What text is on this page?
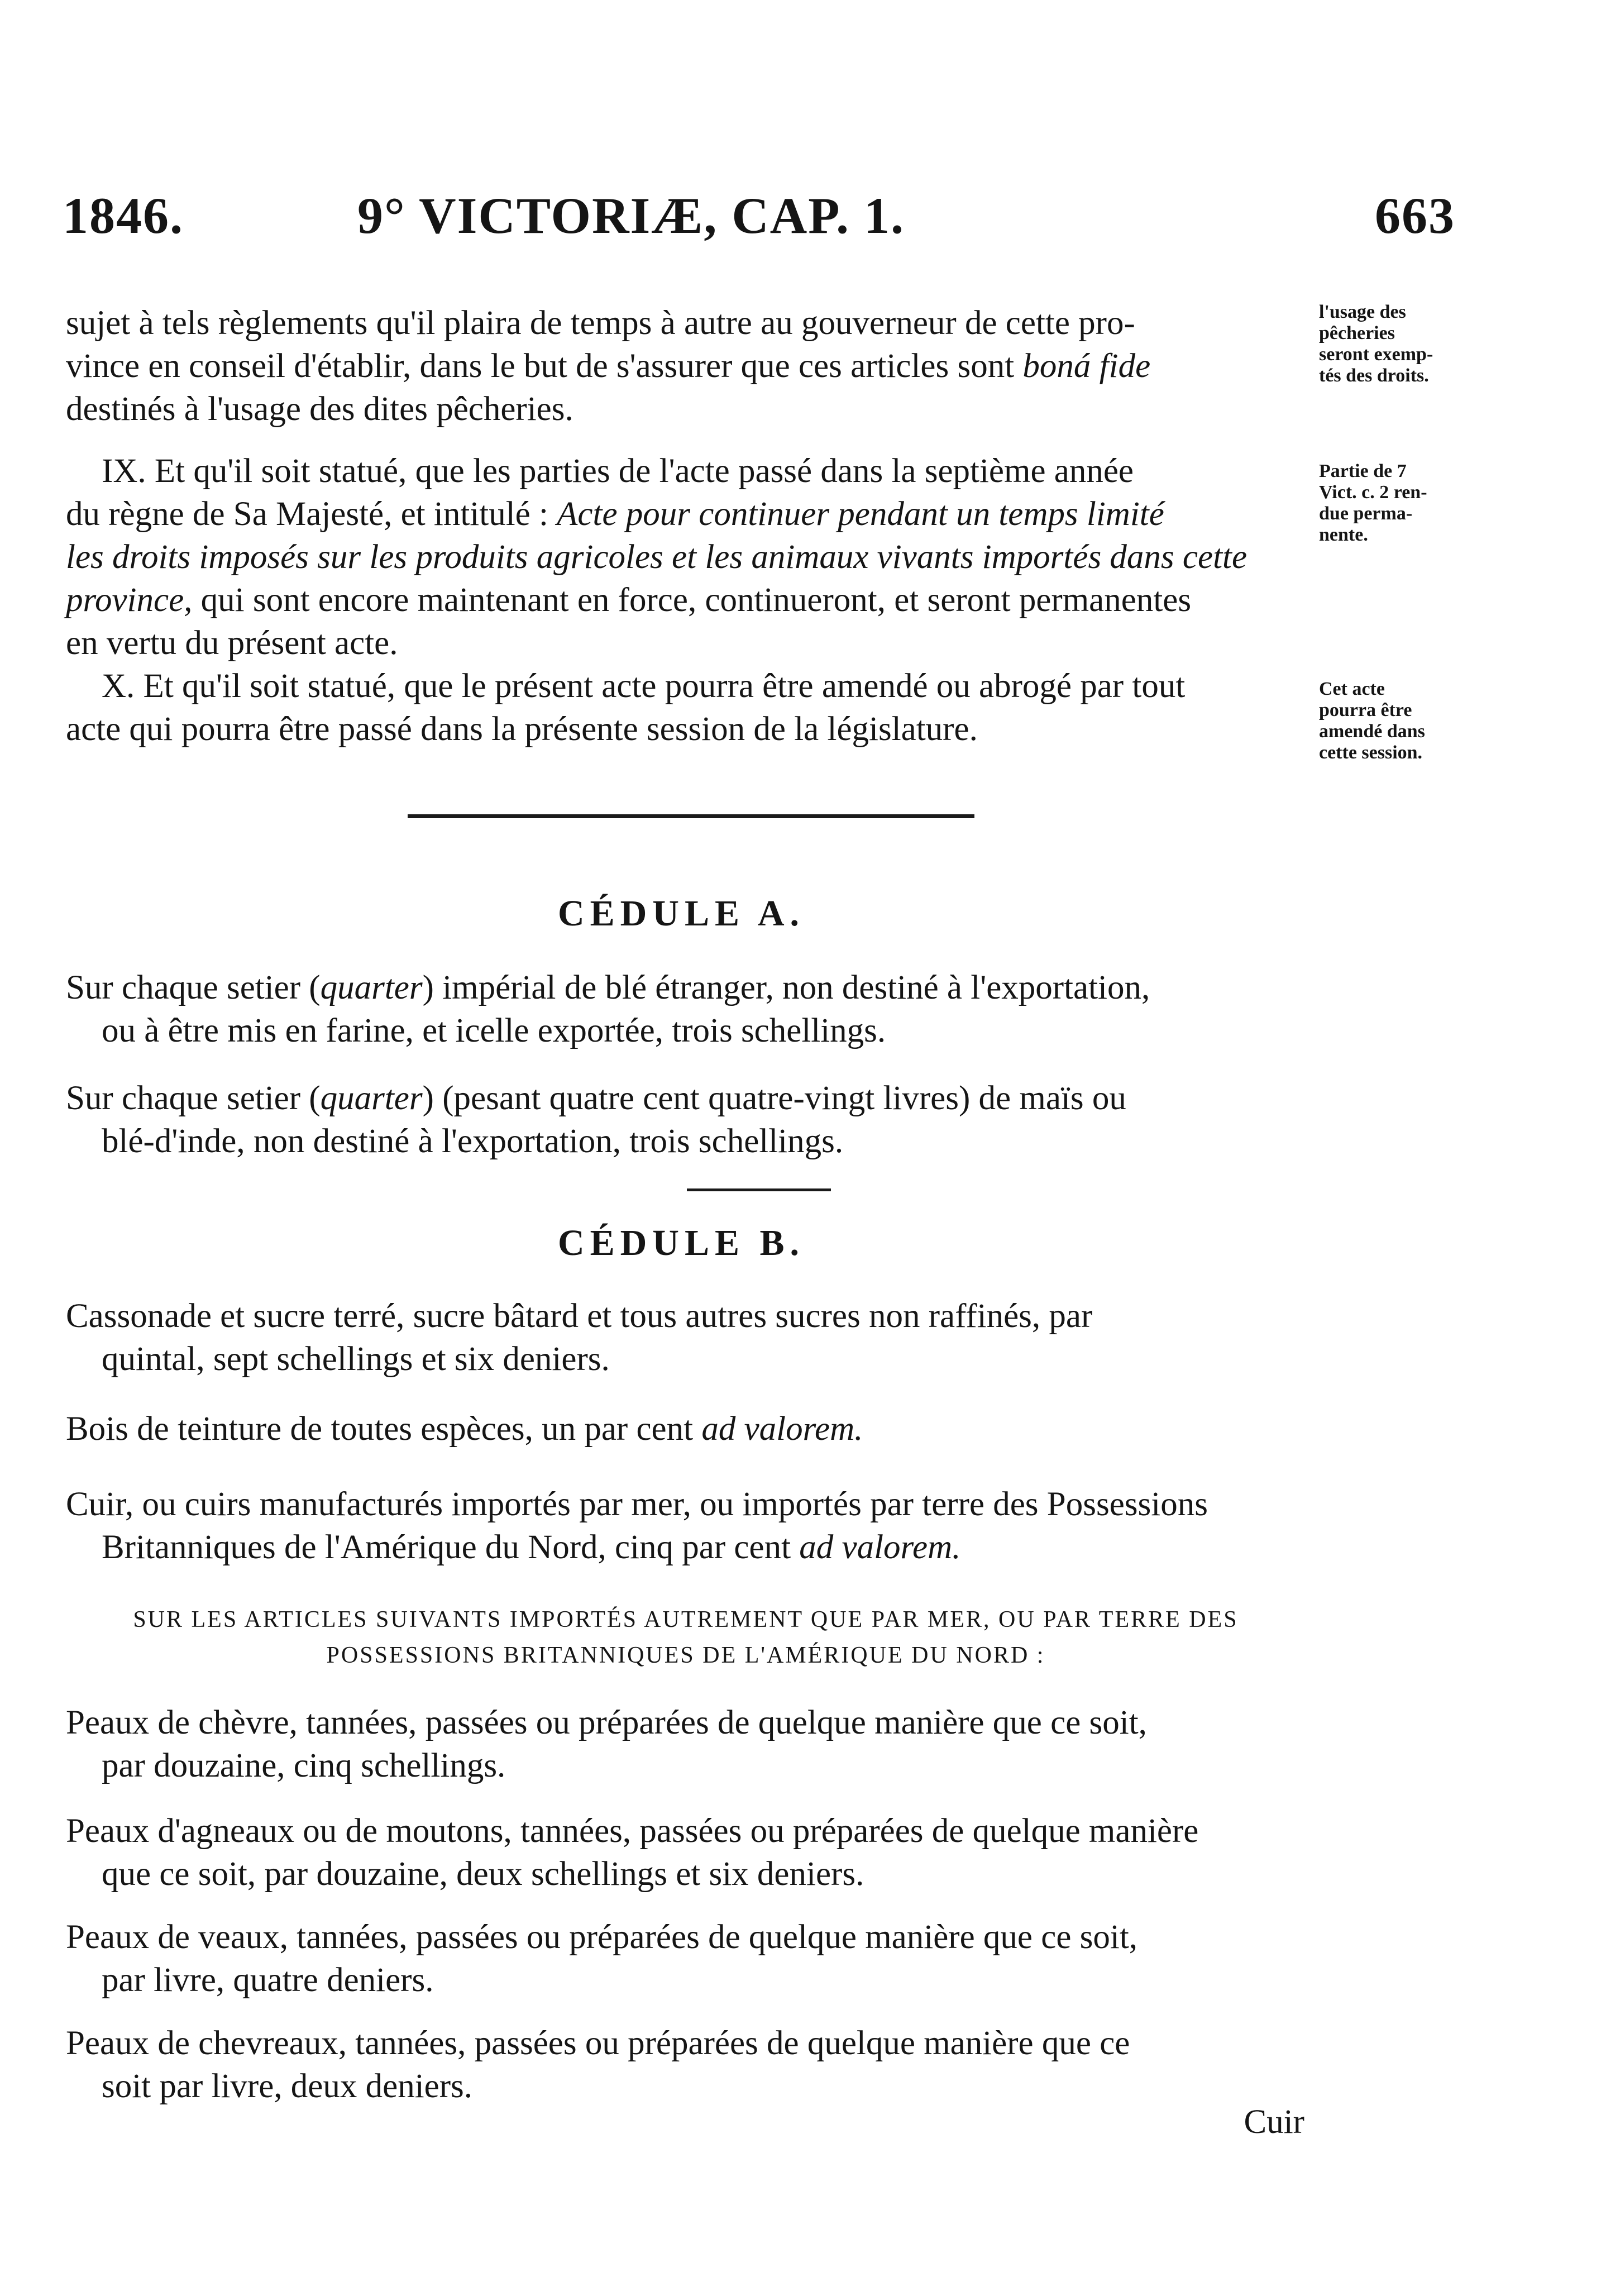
1846.	9° VICTORIÆ, CAP. 1.	663
sujet à tels règlements qu'il plaira de temps à autre au gouverneur de cette pro-
vince en conseil d'établir, dans le but de s'assurer que ces articles sont boná fide
destinés à l'usage des dites pêcheries.
l'usage des
pêcheries
seront exemp-
tés des droits.
IX. Et qu'il soit statué, que les parties de l'acte passé dans la septième année
du règne de Sa Majesté, et intitulé : Acte pour continuer pendant un temps limité
les droits imposés sur les produits agricoles et les animaux vivants importés dans cette
province, qui sont encore maintenant en force, continueront, et seront permanentes
en vertu du présent acte.
Partie de 7
Vict. c. 2 ren-
due perma-
nente.
X. Et qu'il soit statué, que le présent acte pourra être amendé ou abrogé par tout
acte qui pourra être passé dans la présente session de la législature.
Cet acte
pourra être
amendé dans
cette session.
CÉDULE A.
Sur chaque setier (quarter) impérial de blé étranger, non destiné à l'exportation,
ou à être mis en farine, et icelle exportée, trois schellings.
Sur chaque setier (quarter) (pesant quatre cent quatre-vingt livres) de maïs ou
blé-d'inde, non destiné à l'exportation, trois schellings.
CÉDULE B.
Cassonade et sucre terré, sucre bâtard et tous autres sucres non raffinés, par
quintal, sept schellings et six deniers.
Bois de teinture de toutes espèces, un par cent ad valorem.
Cuir, ou cuirs manufacturés importés par mer, ou importés par terre des Possessions
Britanniques de l'Amérique du Nord, cinq par cent ad valorem.
SUR LES ARTICLES SUIVANTS IMPORTÉS AUTREMENT QUE PAR MER, OU PAR TERRE DES
POSSESSIONS BRITANNIQUES DE L'AMÉRIQUE DU NORD :
Peaux de chèvre, tannées, passées ou préparées de quelque manière que ce soit,
par douzaine, cinq schellings.
Peaux d'agneaux ou de moutons, tannées, passées ou préparées de quelque manière
que ce soit, par douzaine, deux schellings et six deniers.
Peaux de veaux, tannées, passées ou préparées de quelque manière que ce soit,
par livre, quatre deniers.
Peaux de chevreaux, tannées, passées ou préparées de quelque manière que ce
soit par livre, deux deniers.
Cuir
